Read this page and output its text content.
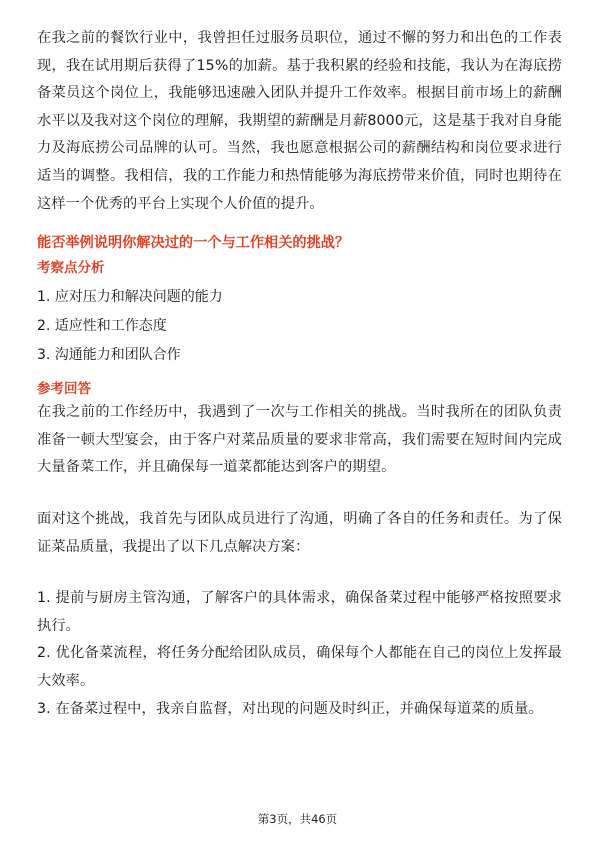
在我之前的餐饮行业中，我曾担任过服务员职位，通过不懈的努力和出色的工作表现，我在试用期后获得了15%的加薪。基于我积累的经验和技能，我认为在海底捞备菜员这个岗位上，我能够迅速融入团队并提升工作效率。根据目前市场上的薪酬水平以及我对这个岗位的理解，我期望的薪酬是月薪8000元，这是基于我对自身能力及海底捞公司品牌的认可。当然，我也愿意根据公司的薪酬结构和岗位要求进行适当的调整。我相信，我的工作能力和热情能够为海底捞带来价值，同时也期待在这样一个优秀的平台上实现个人价值的提升。

能否举例说明你解决过的一个与工作相关的挑战？

考察点分析

1. 应对压力和解决问题的能力

2. 适应性和工作态度

3. 沟通能力和团队合作

参考回答

在我之前的工作经历中，我遇到了一次与工作相关的挑战。当时我所在的团队负责准备一顿大型宴会，由于客户对菜品质量的要求非常高，我们需要在短时间内完成大量备菜工作，并且确保每一道菜都能达到客户的期望。

面对这个挑战，我首先与团队成员进行了沟通，明确了各自的任务和责任。为了保证菜品质量，我提出了以下几点解决方案：

1. 提前与厨房主管沟通，了解客户的具体需求，确保备菜过程中能够严格按照要求执行。

2. 优化备菜流程，将任务分配给团队成员，确保每个人都能在自己的岗位上发挥最大效率。

3. 在备菜过程中，我亲自监督，对出现的问题及时纠正，并确保每道菜的质量。

第3页，共46页
